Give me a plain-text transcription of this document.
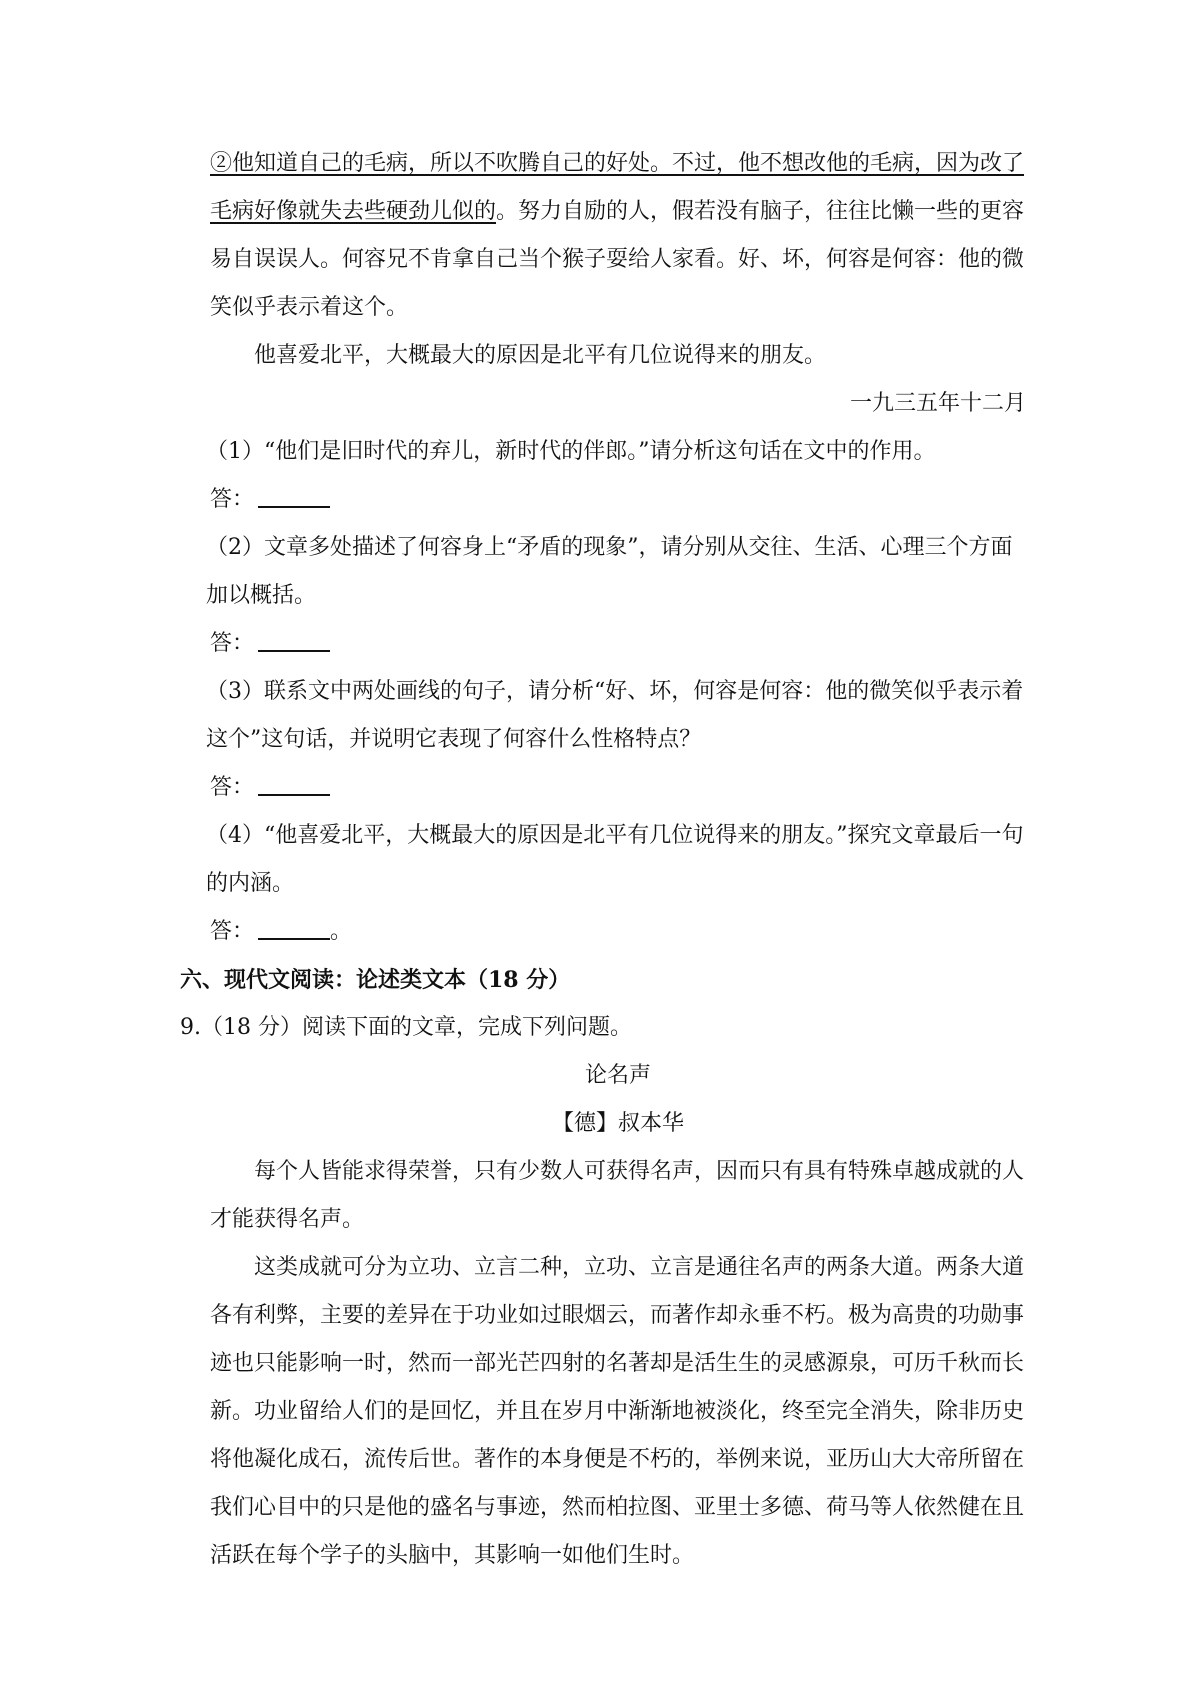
②他知道自己的毛病，所以不吹腾自己的好处。不过，他不想改他的毛病，因为改了毛病好像就失去些硬劲儿似的。努力自励的人，假若没有脑子，往往比懒一些的更容易自误误人。何容兄不肯拿自己当个猴子耍给人家看。好、坏，何容是何容：他的微笑似乎表示着这个。

他喜爱北平，大概最大的原因是北平有几位说得来的朋友。

一九三五年十二月

（1）“他们是旧时代的弃儿，新时代的伴郎。”请分析这句话在文中的作用。

答：

（2）文章多处描述了何容身上“矛盾的现象”，请分别从交往、生活、心理三个方面加以概括。

答：

（3）联系文中两处画线的句子，请分析“好、坏，何容是何容：他的微笑似乎表示着这个”这句话，并说明它表现了何容什么性格特点？

答：

（4）“他喜爱北平，大概最大的原因是北平有几位说得来的朋友。”探究文章最后一句的内涵。

答：	。

六、现代文阅读：论述类文本（18 分）

9.（18 分）阅读下面的文章，完成下列问题。

论名声

【德】叔本华

每个人皆能求得荣誉，只有少数人可获得名声，因而只有具有特殊卓越成就的人才能获得名声。

这类成就可分为立功、立言二种，立功、立言是通往名声的两条大道。两条大道各有利弊，主要的差异在于功业如过眼烟云，而著作却永垂不朽。极为高贵的功勋事迹也只能影响一时，然而一部光芒四射的名著却是活生生的灵感源泉，可历千秋而长新。功业留给人们的是回忆，并且在岁月中渐渐地被淡化，终至完全消失，除非历史将他凝化成石，流传后世。著作的本身便是不朽的，举例来说，亚历山大大帝所留在我们心目中的只是他的盛名与事迹，然而柏拉图、亚里士多德、荷马等人依然健在且活跃在每个学子的头脑中，其影响一如他们生时。
